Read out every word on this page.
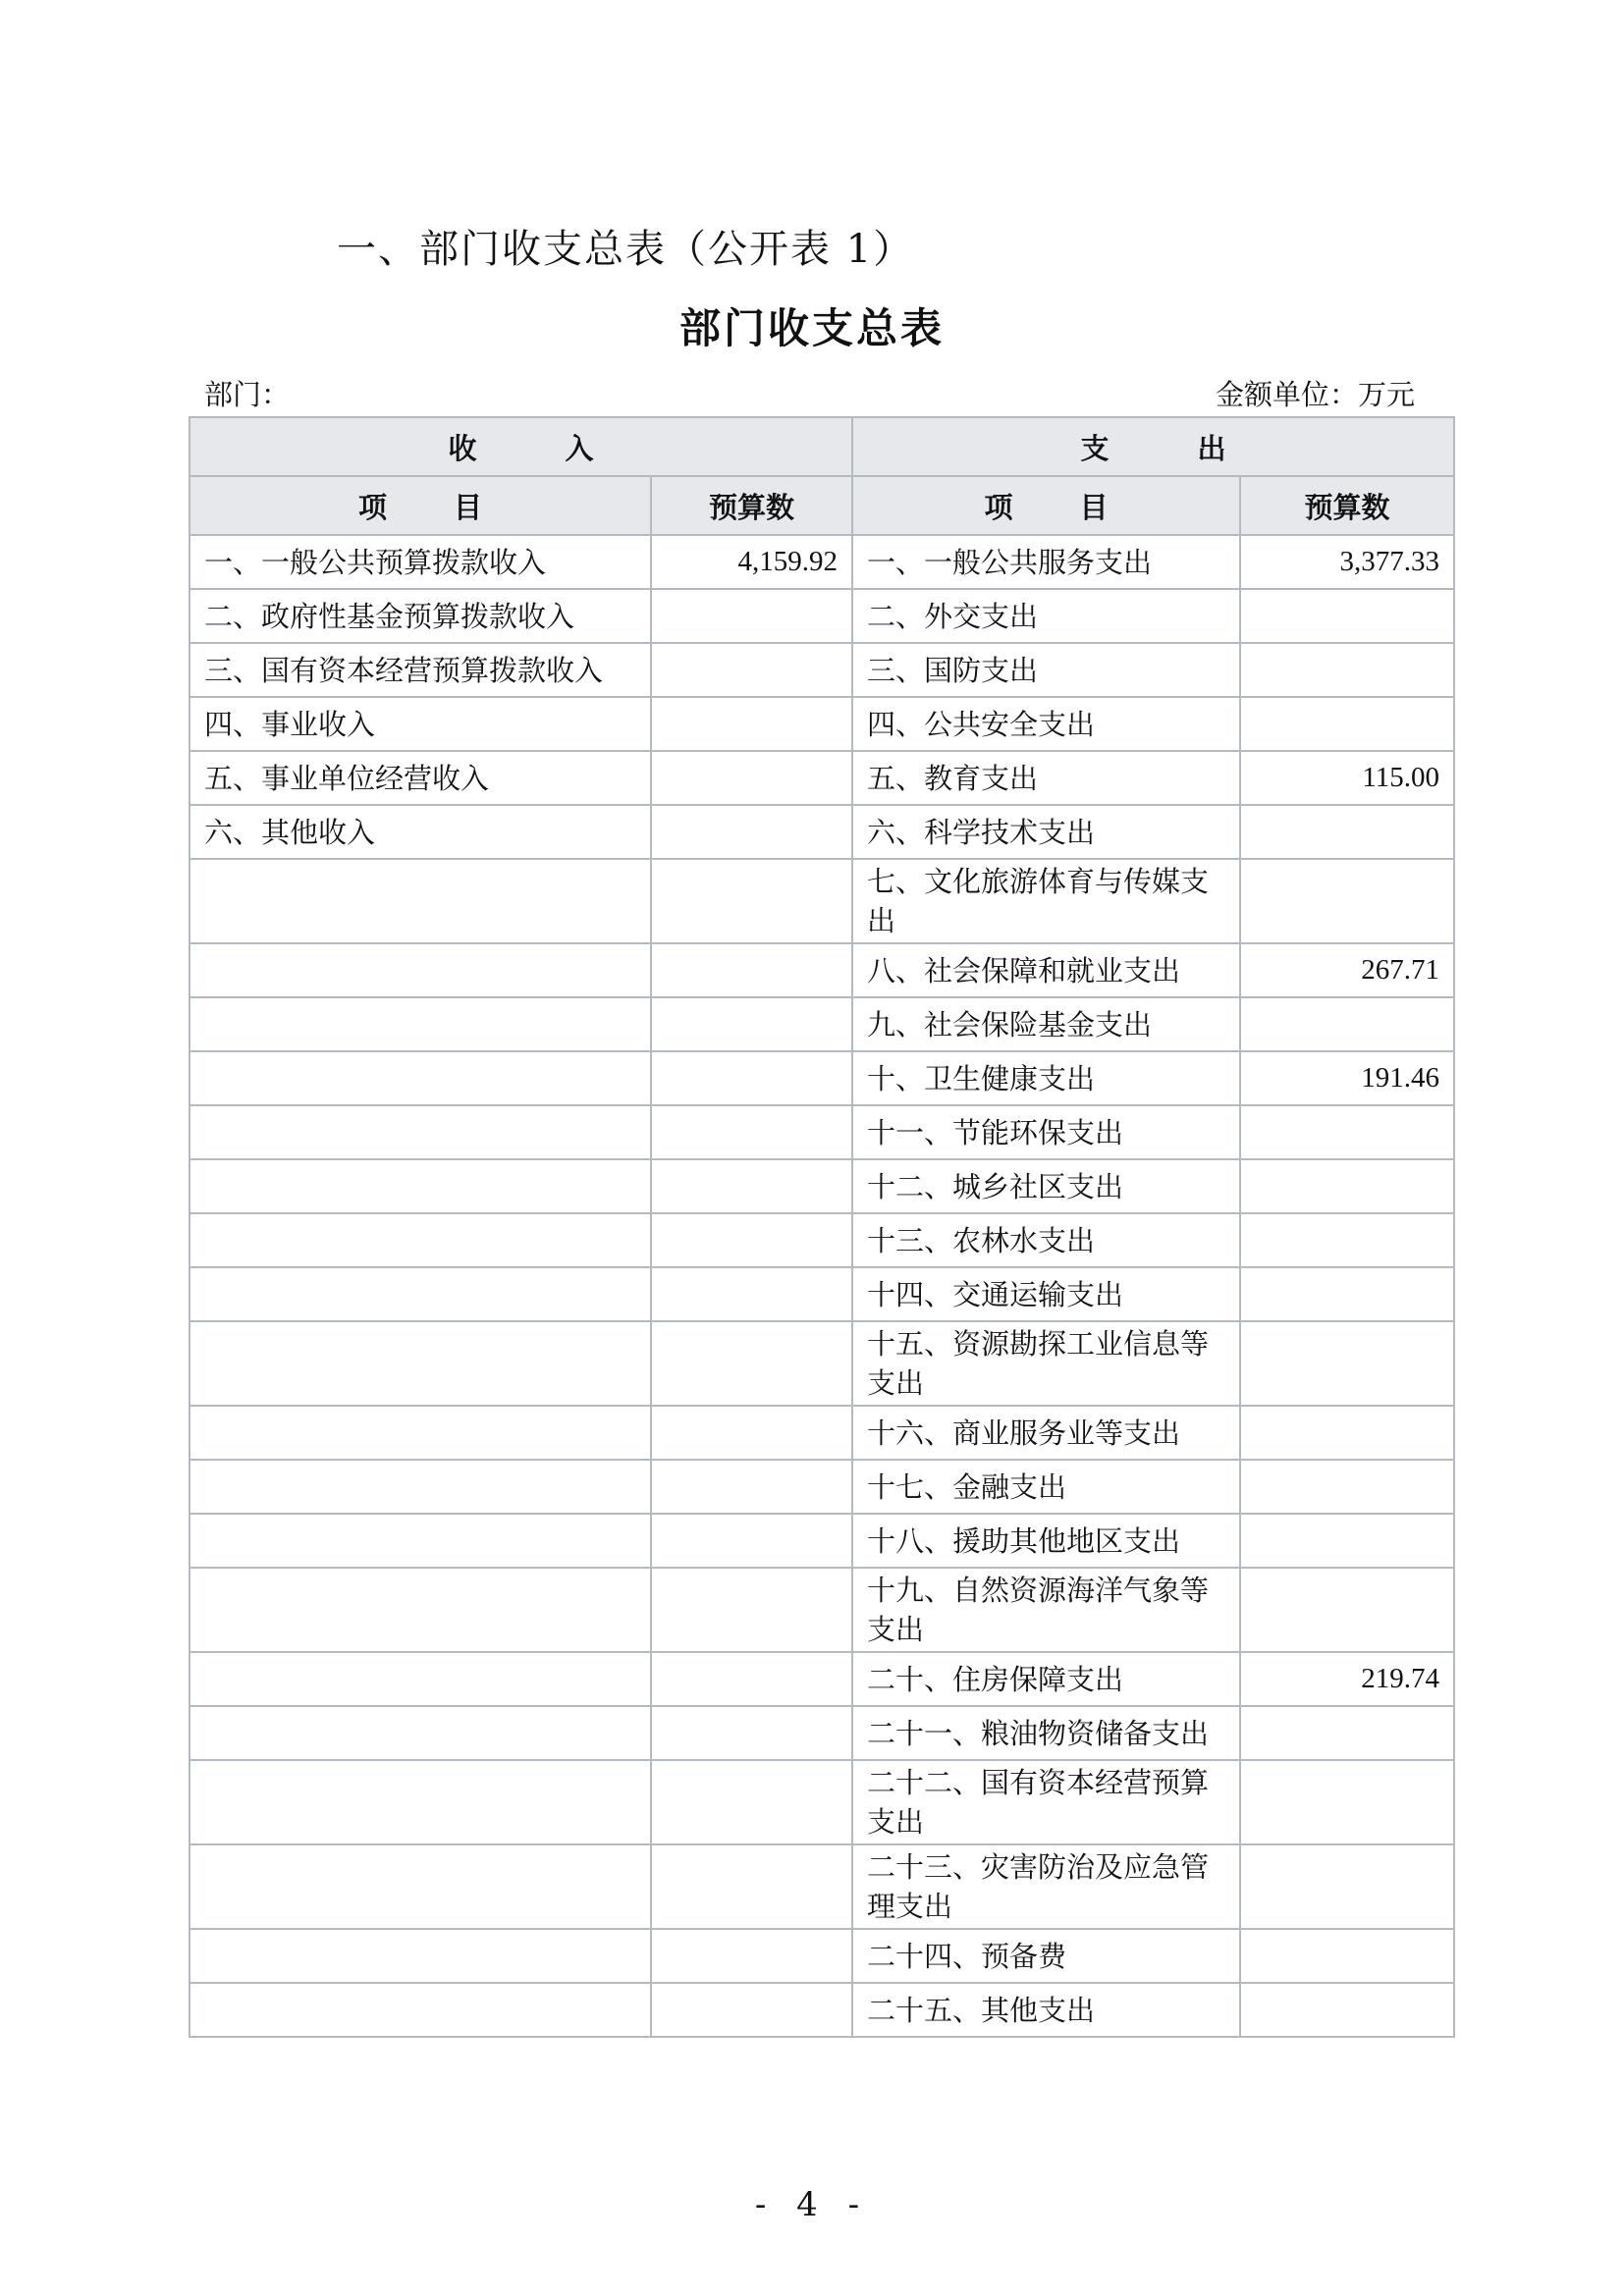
一、部门收支总表（公开表 1）
部门收支总表
部门：	金额单位：万元
收 入		支 出	
项 目	预算数	项 目	预算数
一、一般公共预算拨款收入	4,159.92	一、一般公共服务支出	3,377.33
二、政府性基金预算拨款收入		二、外交支出	
三、国有资本经营预算拨款收入		三、国防支出	
四、事业收入		四、公共安全支出	
五、事业单位经营收入		五、教育支出	115.00
六、其他收入		六、科学技术支出	
		七、文化旅游体育与传媒支出	
		八、社会保障和就业支出	267.71
		九、社会保险基金支出	
		十、卫生健康支出	191.46
		十一、节能环保支出	
		十二、城乡社区支出	
		十三、农林水支出	
		十四、交通运输支出	
		十五、资源勘探工业信息等支出	
		十六、商业服务业等支出	
		十七、金融支出	
		十八、援助其他地区支出	
		十九、自然资源海洋气象等支出	
		二十、住房保障支出	219.74
		二十一、粮油物资储备支出	
		二十二、国有资本经营预算支出	
		二十三、灾害防治及应急管理支出	
		二十四、预备费	
		二十五、其他支出	
- 4 -
